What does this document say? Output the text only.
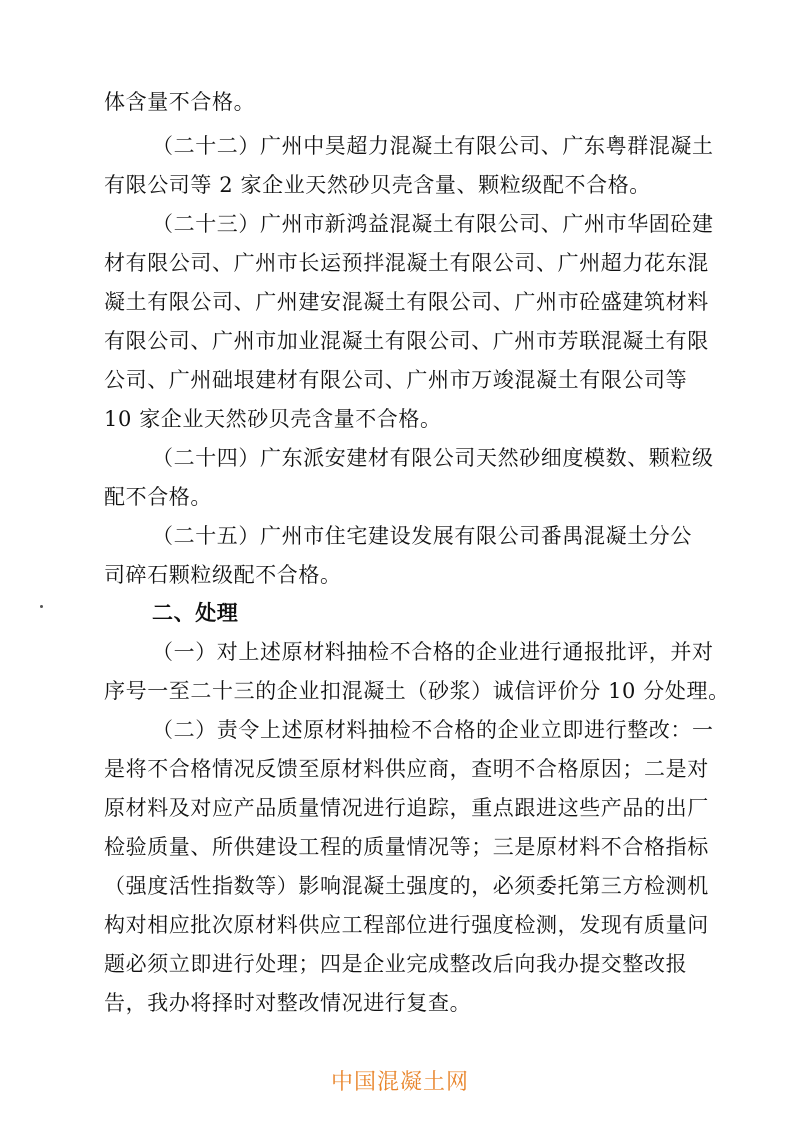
体含量不合格。
（二十二）广州中昊超力混凝土有限公司、广东粤群混凝土
有限公司等 2 家企业天然砂贝壳含量、颗粒级配不合格。
（二十三）广州市新鸿益混凝土有限公司、广州市华固砼建
材有限公司、广州市长运预拌混凝土有限公司、广州超力花东混
凝土有限公司、广州建安混凝土有限公司、广州市砼盛建筑材料
有限公司、广州市加业混凝土有限公司、广州市芳联混凝土有限
公司、广州础垠建材有限公司、广州市万竣混凝土有限公司等
10 家企业天然砂贝壳含量不合格。
（二十四）广东派安建材有限公司天然砂细度模数、颗粒级
配不合格。
（二十五）广州市住宅建设发展有限公司番禺混凝土分公
司碎石颗粒级配不合格。
二、处理
（一）对上述原材料抽检不合格的企业进行通报批评，并对
序号一至二十三的企业扣混凝土（砂浆）诚信评价分 10 分处理。
（二）责令上述原材料抽检不合格的企业立即进行整改：一
是将不合格情况反馈至原材料供应商，查明不合格原因；二是对
原材料及对应产品质量情况进行追踪，重点跟进这些产品的出厂
检验质量、所供建设工程的质量情况等；三是原材料不合格指标
（强度活性指数等）影响混凝土强度的，必须委托第三方检测机
构对相应批次原材料供应工程部位进行强度检测，发现有质量问
题必须立即进行处理；四是企业完成整改后向我办提交整改报
告，我办将择时对整改情况进行复查。
中国混凝土网
